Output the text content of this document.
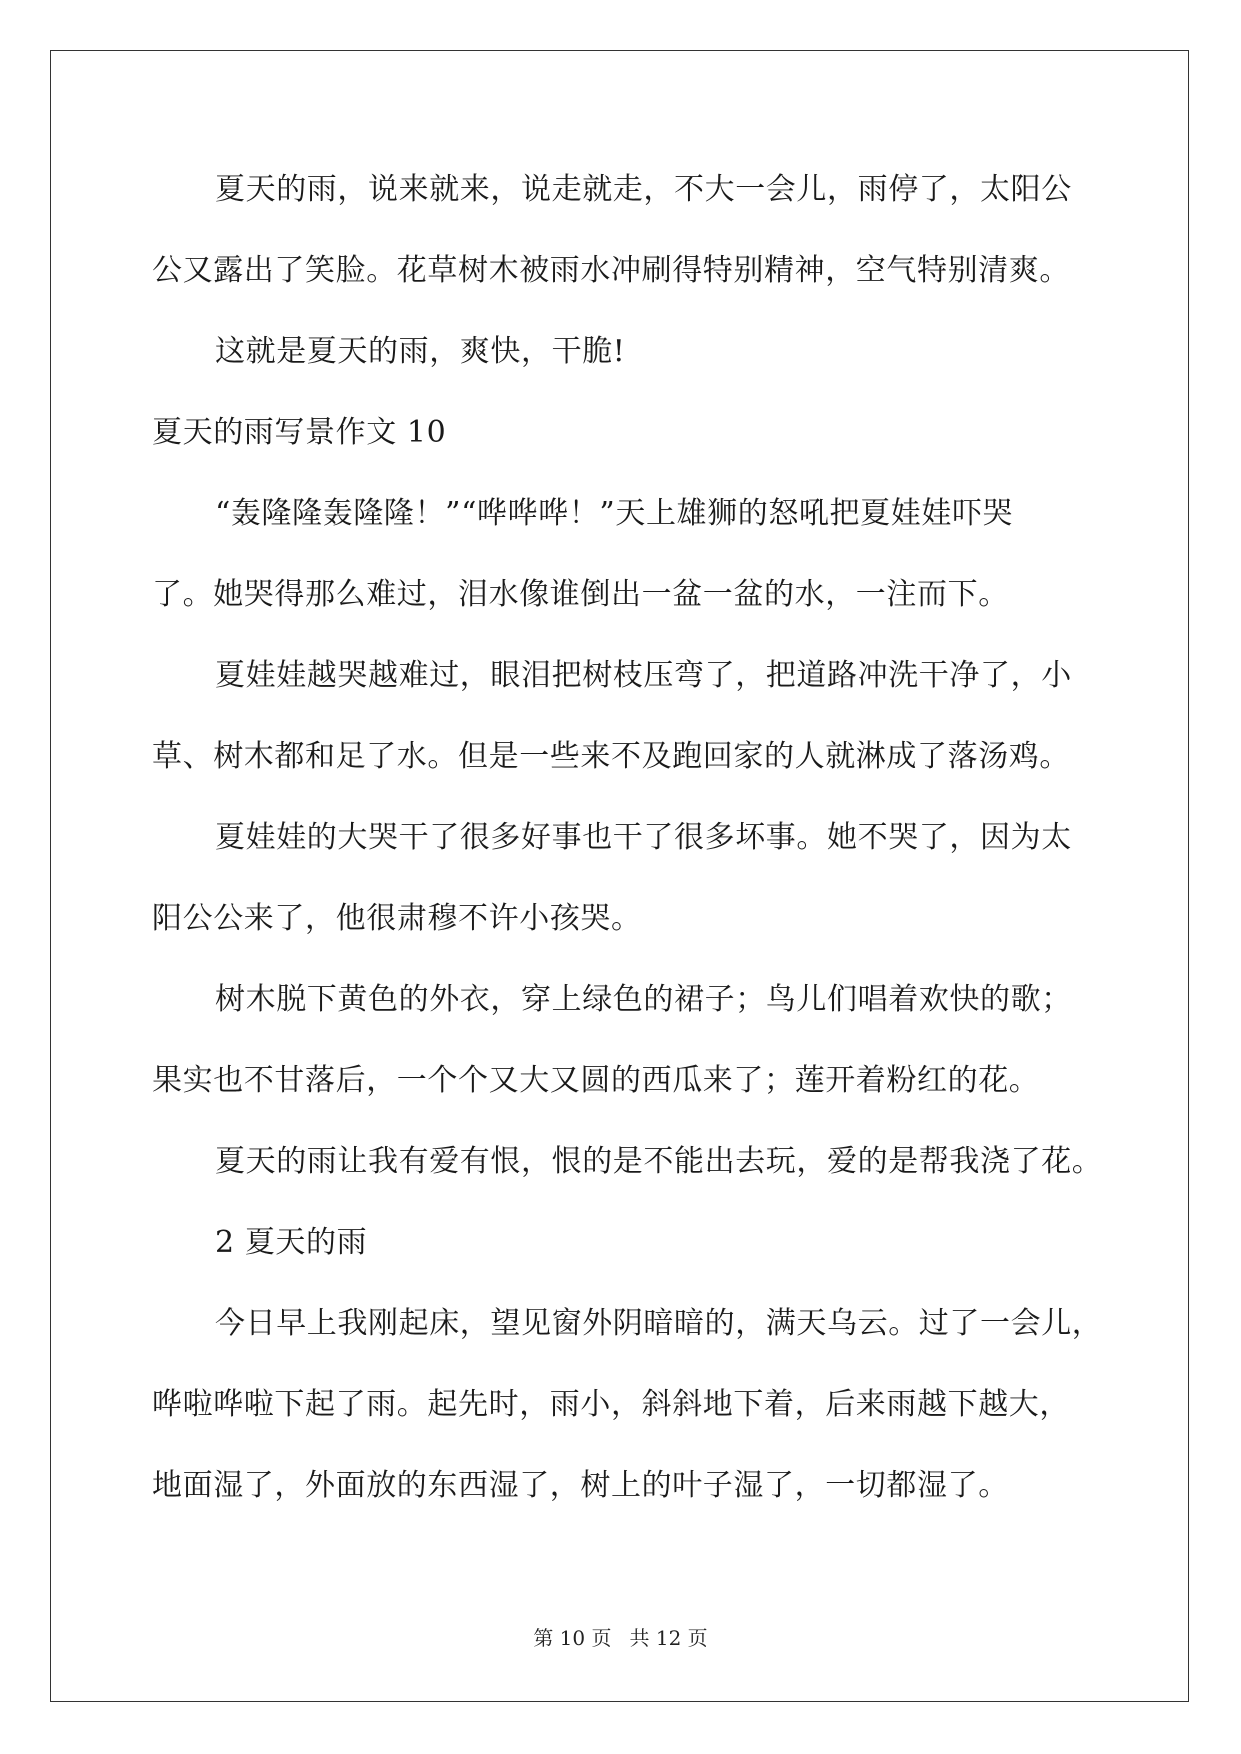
夏天的雨，说来就来，说走就走，不大一会儿，雨停了，太阳公
公又露出了笑脸。花草树木被雨水冲刷得特别精神，空气特别清爽。
这就是夏天的雨，爽快，干脆!
夏天的雨写景作文 10
“轰隆隆轰隆隆！”“哗哗哗！”天上雄狮的怒吼把夏娃娃吓哭
了。她哭得那么难过，泪水像谁倒出一盆一盆的水，一注而下。
夏娃娃越哭越难过，眼泪把树枝压弯了，把道路冲洗干净了，小
草、树木都和足了水。但是一些来不及跑回家的人就淋成了落汤鸡。
夏娃娃的大哭干了很多好事也干了很多坏事。她不哭了，因为太
阳公公来了，他很肃穆不许小孩哭。
树木脱下黄色的外衣，穿上绿色的裙子；鸟儿们唱着欢快的歌；
果实也不甘落后，一个个又大又圆的西瓜来了；莲开着粉红的花。
夏天的雨让我有爱有恨，恨的是不能出去玩，爱的是帮我浇了花。
2 夏天的雨
今日早上我刚起床，望见窗外阴暗暗的，满天乌云。过了一会儿，
哗啦哗啦下起了雨。起先时，雨小，斜斜地下着，后来雨越下越大，
地面湿了，外面放的东西湿了，树上的叶子湿了，一切都湿了。
第 10 页 共 12 页
